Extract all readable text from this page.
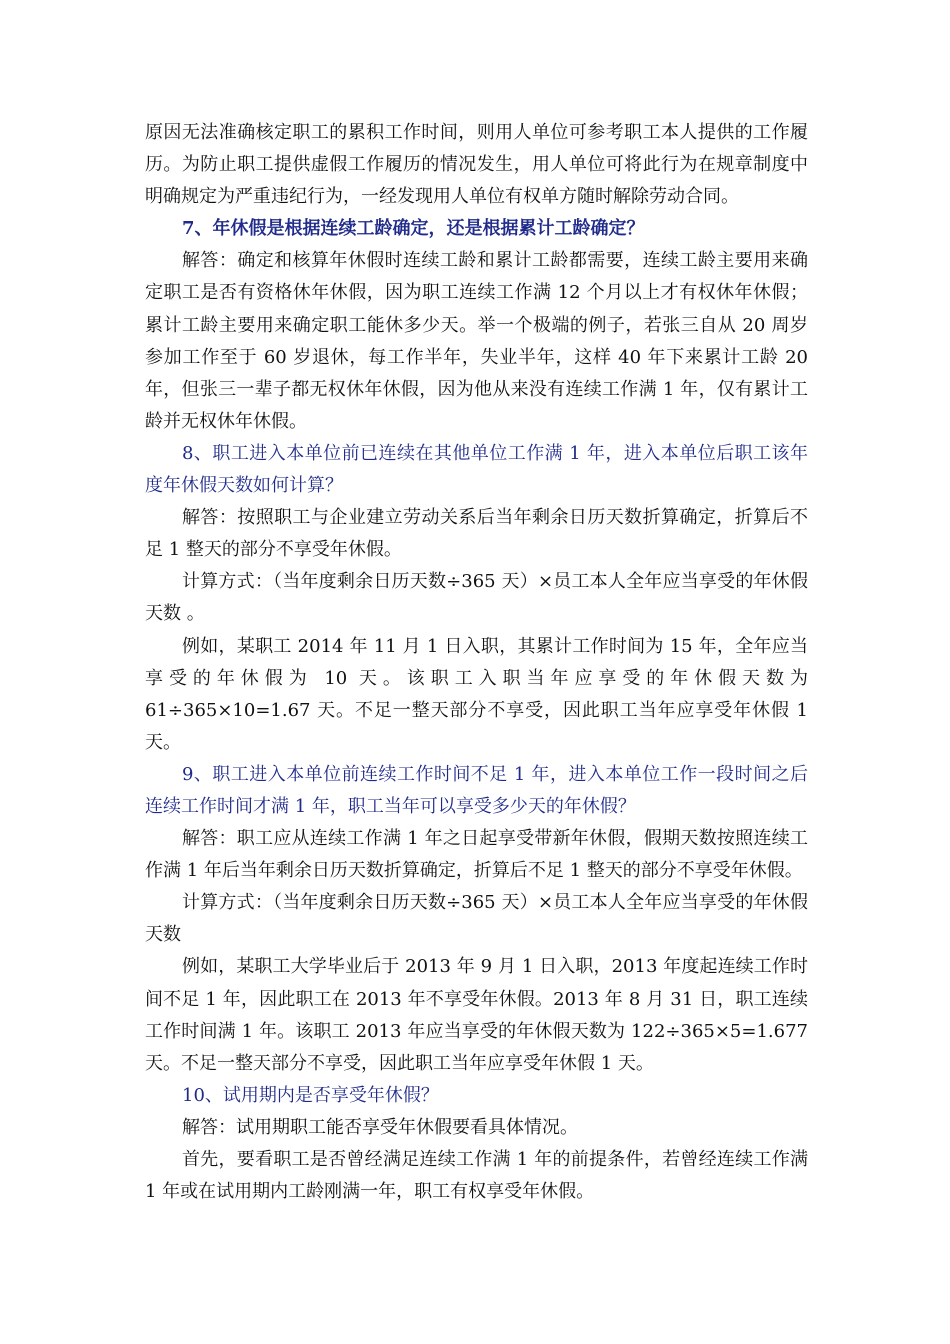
原因无法准确核定职工的累积工作时间，则用人单位可参考职工本人提供的工作履历。为防止职工提供虚假工作履历的情况发生，用人单位可将此行为在规章制度中明确规定为严重违纪行为，一经发现用人单位有权单方随时解除劳动合同。

7、年休假是根据连续工龄确定，还是根据累计工龄确定？

解答：确定和核算年休假时连续工龄和累计工龄都需要，连续工龄主要用来确定职工是否有资格休年休假，因为职工连续工作满 12 个月以上才有权休年休假；累计工龄主要用来确定职工能休多少天。举一个极端的例子，若张三自从 20 周岁参加工作至于 60 岁退休，每工作半年，失业半年，这样 40 年下来累计工龄 20 年，但张三一辈子都无权休年休假，因为他从来没有连续工作满 1 年，仅有累计工龄并无权休年休假。

8、职工进入本单位前已连续在其他单位工作满 1 年，进入本单位后职工该年度年休假天数如何计算？

解答：按照职工与企业建立劳动关系后当年剩余日历天数折算确定，折算后不足 1 整天的部分不享受年休假。

计算方式：（当年度剩余日历天数÷365 天）×员工本人全年应当享受的年休假天数 。

例如，某职工 2014 年 11 月 1 日入职，其累计工作时间为 15 年，全年应当享受的年休假为 10 天。该职工入职当年应享受的年休假天数为 61÷365×10=1.67 天。不足一整天部分不享受，因此职工当年应享受年休假 1 天。

9、职工进入本单位前连续工作时间不足 1 年，进入本单位工作一段时间之后连续工作时间才满 1 年，职工当年可以享受多少天的年休假？

解答：职工应从连续工作满 1 年之日起享受带新年休假，假期天数按照连续工作满 1 年后当年剩余日历天数折算确定，折算后不足 1 整天的部分不享受年休假。

计算方式：（当年度剩余日历天数÷365 天）×员工本人全年应当享受的年休假天数

例如，某职工大学毕业后于 2013 年 9 月 1 日入职，2013 年度起连续工作时间不足 1 年，因此职工在 2013 年不享受年休假。2013 年 8 月 31 日，职工连续工作时间满 1 年。该职工 2013 年应当享受的年休假天数为 122÷365×5=1.677 天。不足一整天部分不享受，因此职工当年应享受年休假 1 天。

10、试用期内是否享受年休假？

解答：试用期职工能否享受年休假要看具体情况。

首先，要看职工是否曾经满足连续工作满 1 年的前提条件，若曾经连续工作满 1 年或在试用期内工龄刚满一年，职工有权享受年休假。
